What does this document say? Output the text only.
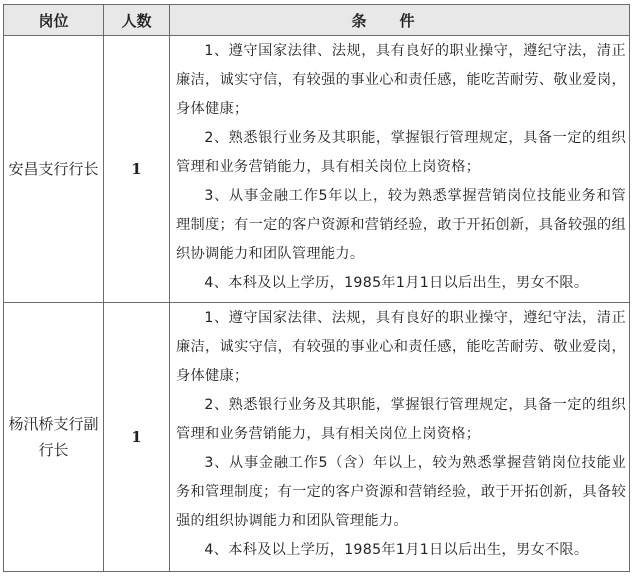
岗位	人数	条件
安昌支行行长	1	1、遵守国家法律、法规，具有良好的职业操守，遵纪守法，清正廉洁，诚实守信，有较强的事业心和责任感，能吃苦耐劳、敬业爱岗，身体健康；

2、熟悉银行业务及其职能，掌握银行管理规定，具备一定的组织管理和业务营销能力，具有相关岗位上岗资格；

3、从事金融工作5年以上，较为熟悉掌握营销岗位技能业务和管理制度；有一定的客户资源和营销经验，敢于开拓创新，具备较强的组织协调能力和团队管理能力。

4、本科及以上学历，1985年1月1日以后出生，男女不限。

杨汛桥支行副行长	1	1、遵守国家法律、法规，具有良好的职业操守，遵纪守法，清正廉洁，诚实守信，有较强的事业心和责任感，能吃苦耐劳、敬业爱岗，身体健康；

2、熟悉银行业务及其职能，掌握银行管理规定，具备一定的组织管理和业务营销能力，具有相关岗位上岗资格；

3、从事金融工作5（含）年以上，较为熟悉掌握营销岗位技能业务和管理制度；有一定的客户资源和营销经验，敢于开拓创新，具备较强的组织协调能力和团队管理能力。

4、本科及以上学历，1985年1月1日以后出生，男女不限。
